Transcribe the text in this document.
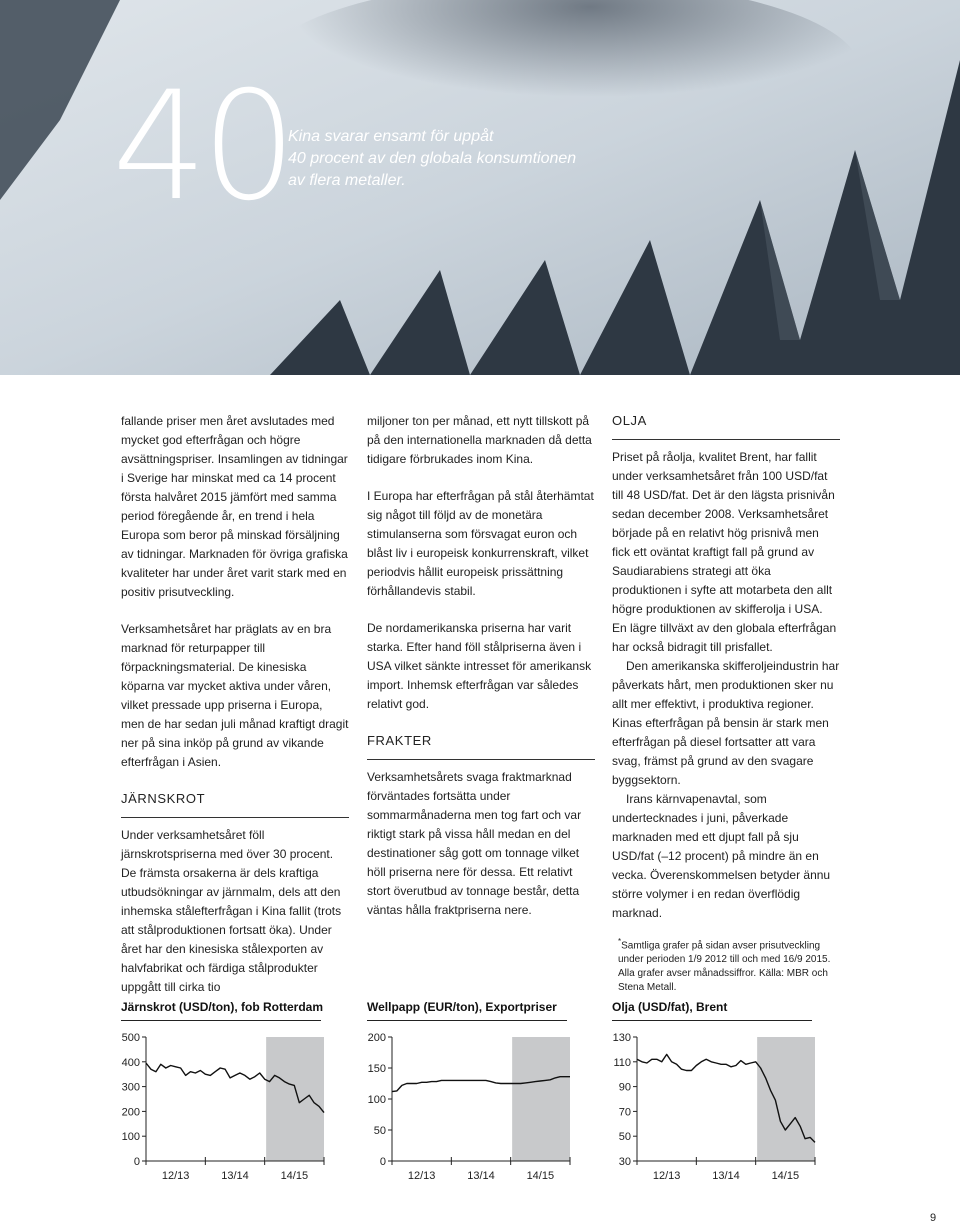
40
Kina svarar ensamt för uppåt
40 procent av den globala konsumtionen
av flera metaller.

fallande priser men året avslutades med mycket god efterfrågan och högre avsättningspriser. Insamlingen av tidningar i Sverige har minskat med ca 14 procent första halvåret 2015 jämfört med samma period föregående år, en trend i hela Europa som beror på minskad försäljning av tidningar. Marknaden för övriga grafiska kvaliteter har under året varit stark med en positiv prisutveckling.

Verksamhetsåret har präglats av en bra marknad för returpapper till förpackningsmaterial. De kinesiska köparna var mycket aktiva under våren, vilket pressade upp priserna i Europa, men de har sedan juli månad kraftigt dragit ner på sina inköp på grund av vikande efterfrågan i Asien.

JÄRNSKROT

Under verksamhetsåret föll järnskrotspriserna med över 30 procent. De främsta orsakerna är dels kraftiga utbudsökningar av järnmalm, dels att den inhemska stålefterfrågan i Kina fallit (trots att stålproduktionen fortsatt öka). Under året har den kinesiska stålexporten av halvfabrikat och färdiga stålprodukter uppgått till cirka tio

miljoner ton per månad, ett nytt tillskott på på den internationella marknaden då detta tidigare förbrukades inom Kina.

I Europa har efterfrågan på stål återhämtat sig något till följd av de monetära stimulanserna som försvagat euron och blåst liv i europeisk konkurrenskraft, vilket periodvis hållit europeisk prissättning förhållandevis stabil.

De nordamerikanska priserna har varit starka. Efter hand föll stålpriserna även i USA vilket sänkte intresset för amerikansk import. Inhemsk efterfrågan var således relativt god.

FRAKTER

Verksamhetsårets svaga fraktmarknad förväntades fortsätta under sommarmånaderna men tog fart och var riktigt stark på vissa håll medan en del destinationer såg gott om tonnage vilket höll priserna nere för dessa. Ett relativt stort överutbud av tonnage består, detta väntas hålla fraktpriserna nere.

OLJA

Priset på råolja, kvalitet Brent, har fallit under verksamhetsåret från 100 USD/fat till 48 USD/fat. Det är den lägsta prisnivån sedan december 2008. Verksamhetsåret började på en relativt hög prisnivå men fick ett oväntat kraftigt fall på grund av Saudiarabiens strategi att öka produktionen i syfte att motarbeta den allt högre produktionen av skifferolja i USA. En lägre tillväxt av den globala efterfrågan har också bidragit till prisfallet.

Den amerikanska skifferoljeindustrin har påverkats hårt, men produktionen sker nu allt mer effektivt, i produktiva regioner. Kinas efterfrågan på bensin är stark men efterfrågan på diesel fortsatter att vara svag, främst på grund av den svagare byggsektorn.

Irans kärnvapenavtal, som undertecknades i juni, påverkade marknaden med ett djupt fall på sju USD/fat (–12 procent) på mindre än en vecka. Överenskommelsen betyder ännu större volymer i en redan överflödig marknad.

*Samtliga grafer på sidan avser prisutveckling under perioden 1/9 2012 till och med 16/9 2015. Alla grafer avser månadssiffror. Källa: MBR och Stena Metall.
Järnskrot (USD/ton), fob Rotterdam
0
100
200
300
400
500
12/13	13/14	14/15
Wellpapp (EUR/ton), Exportpriser
0
50
100
150
200
12/13	13/14	14/15
Olja (USD/fat), Brent
30
50
70
90
110
130
12/13	13/14	14/15
9
